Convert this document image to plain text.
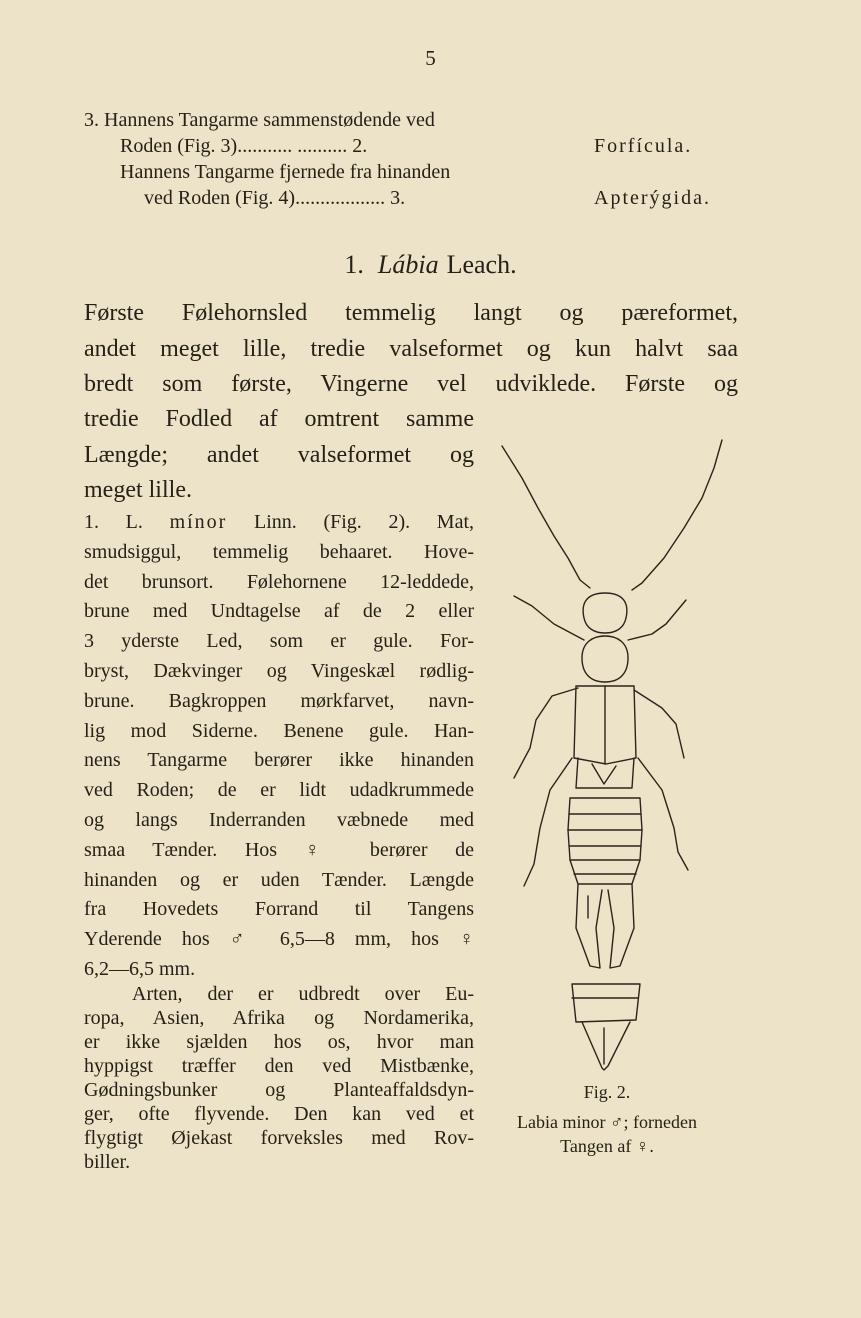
5
3. Hannens Tangarme sammenstødende ved
Roden (Fig. 3)........... .......... 2.	Forfícula.
Hannens Tangarme fjernede fra hinanden
ved Roden (Fig. 4).................. 3.	Apterýgida.
1. Lábia Leach.
Første Følehornsled temmelig langt og pæreformet,
andet meget lille, tredie valseformet og kun halvt saa
bredt som første, Vingerne vel udviklede. Første og
tredie Fodled af omtrent samme
Længde; andet valseformet og
meget lille.
1. L. mínor Linn. (Fig. 2). Mat,
smudsiggul, temmelig behaaret. Hove-
det brunsort. Følehornene 12-leddede,
brune med Undtagelse af de 2 eller
3 yderste Led, som er gule. For-
bryst, Dækvinger og Vingeskæl rødlig-
brune. Bagkroppen mørkfarvet, navn-
lig mod Siderne. Benene gule. Han-
nens Tangarme berører ikke hinanden
ved Roden; de er lidt udadkrummede
og langs Inderranden væbnede med
smaa Tænder. Hos ♀ berører de
hinanden og er uden Tænder. Længde
fra Hovedets Forrand til Tangens
Yderende hos ♂ 6,5—8 mm, hos ♀
6,2—6,5 mm.
Arten, der er udbredt over Eu-
ropa, Asien, Afrika og Nordamerika,
er ikke sjælden hos os, hvor man
hyppigst træffer den ved Mistbænke,
Gødningsbunker og Planteaffaldsdyn-
ger, ofte flyvende. Den kan ved et
flygtigt Øjekast forveksles med Rov-
biller.
Fig. 2.
Labia minor ♂; forneden
Tangen af ♀.
